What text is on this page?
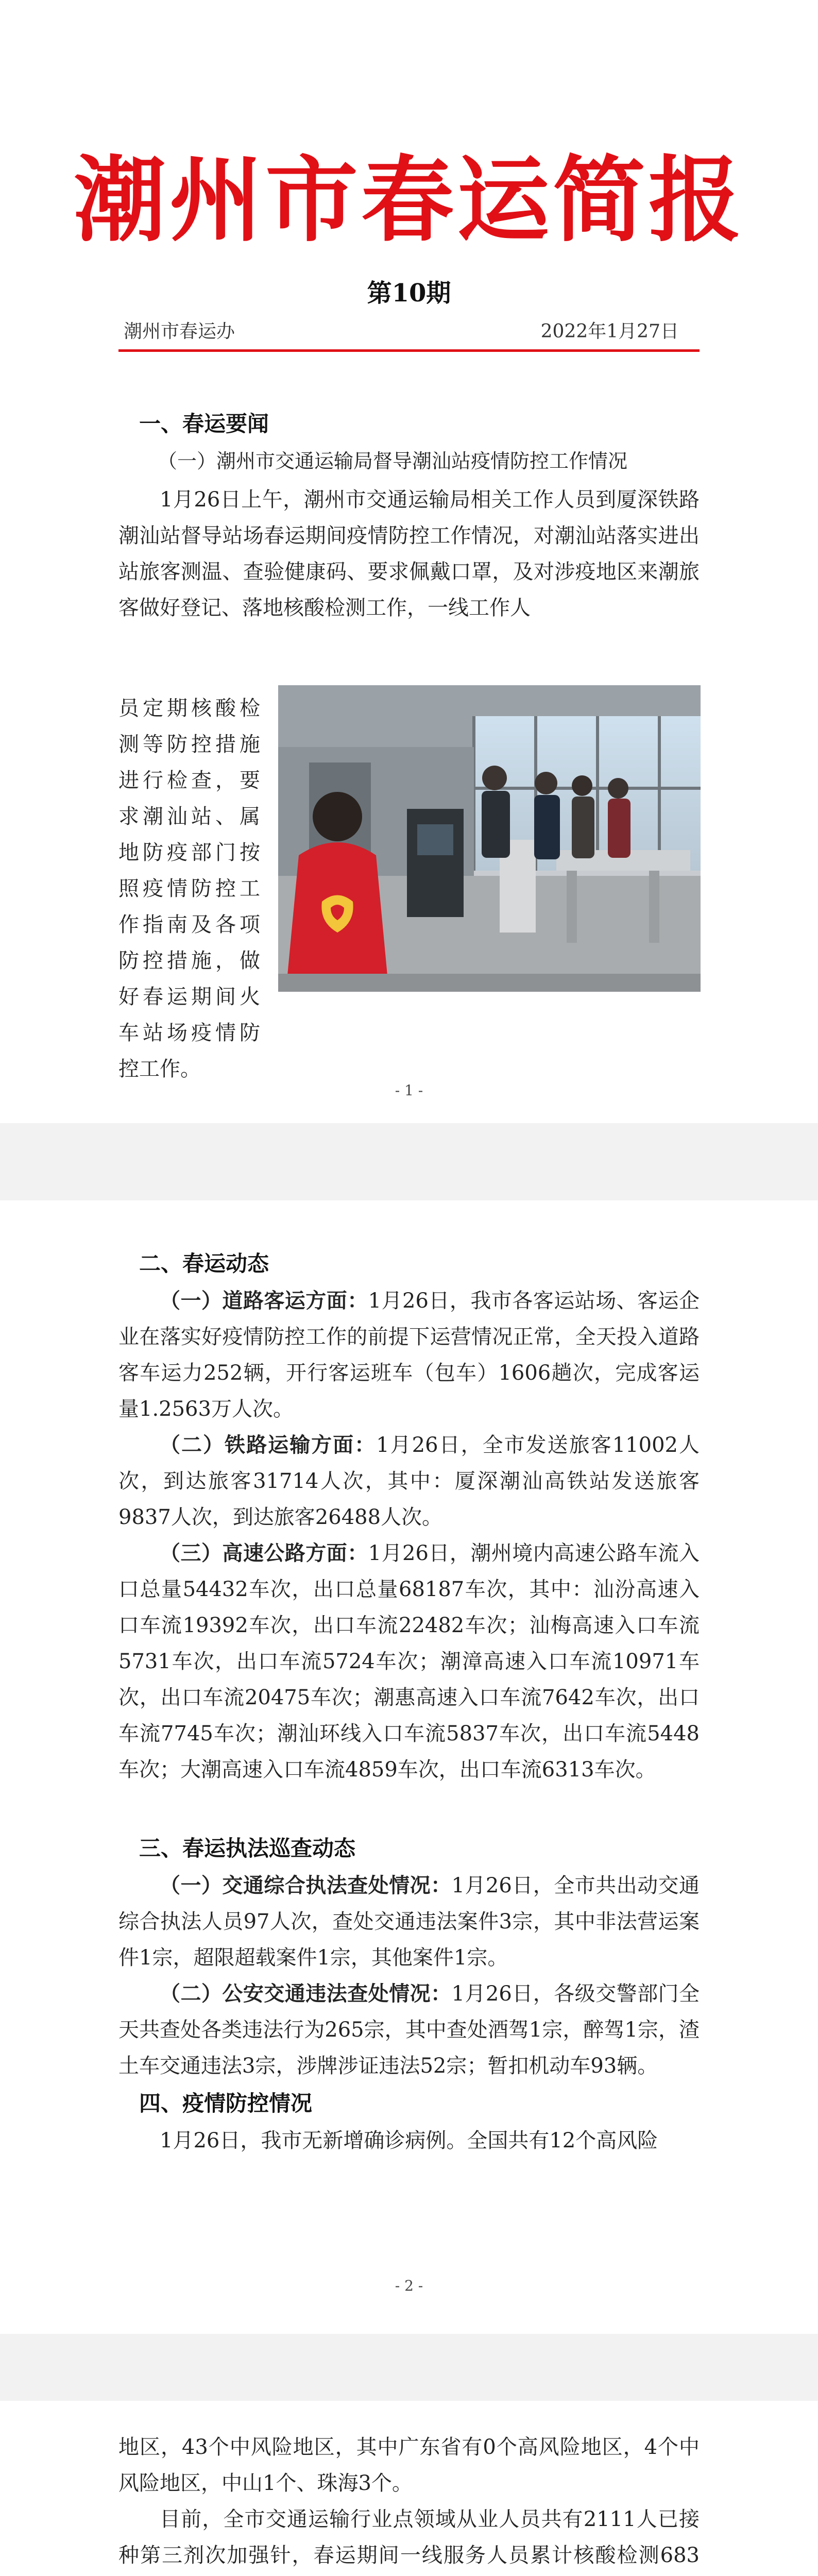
潮州市春运简报
第10期
潮州市春运办	2022年1月27日
一、春运要闻
（一）潮州市交通运输局督导潮汕站疫情防控工作情况
1月26日上午，潮州市交通运输局相关工作人员到厦深铁路潮汕站督导站场春运期间疫情防控工作情况，对潮汕站落实进出站旅客测温、查验健康码、要求佩戴口罩，及对涉疫地区来潮旅客做好登记、落地核酸检测工作，一线工作人
员定期核酸检测等防控措施进行检查，要求潮汕站、属地防疫部门按照疫情防控工作指南及各项防控措施，做好春运期间火车站场疫情防控工作。
- 1 -
二、春运动态
（一）道路客运方面：1月26日，我市各客运站场、客运企业在落实好疫情防控工作的前提下运营情况正常，全天投入道路客车运力252辆，开行客运班车（包车）1606趟次，完成客运量1.2563万人次。
（二）铁路运输方面：1月26日，全市发送旅客11002人次，到达旅客31714人次，其中：厦深潮汕高铁站发送旅客9837人次，到达旅客26488人次。
（三）高速公路方面：1月26日，潮州境内高速公路车流入口总量54432车次，出口总量68187车次，其中：汕汾高速入口车流19392车次，出口车流22482车次；汕梅高速入口车流5731车次，出口车流5724车次；潮漳高速入口车流10971车次，出口车流20475车次；潮惠高速入口车流7642车次，出口车流7745车次；潮汕环线入口车流5837车次，出口车流5448车次；大潮高速入口车流4859车次，出口车流6313车次。
三、春运执法巡查动态
（一）交通综合执法查处情况：1月26日，全市共出动交通综合执法人员97人次，查处交通违法案件3宗，其中非法营运案件1宗，超限超载案件1宗，其他案件1宗。
（二）公安交通违法查处情况：1月26日，各级交警部门全天共查处各类违法行为265宗，其中查处酒驾1宗，醉驾1宗，渣土车交通违法3宗，涉牌涉证违法52宗；暂扣机动车93辆。
四、疫情防控情况
1月26日，我市无新增确诊病例。全国共有12个高风险
- 2 -
地区，43个中风险地区，其中广东省有0个高风险地区，4个中风险地区，中山1个、珠海3个。
目前，全市交通运输行业点领域从业人员共有2111人已接种第三剂次加强针，春运期间一线服务人员累计核酸检测683
